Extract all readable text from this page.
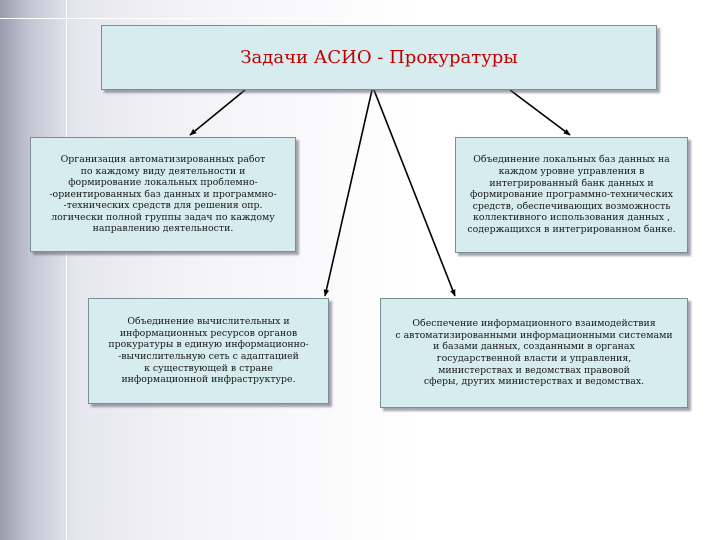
Задачи АСИО - Прокуратуры
Организация автоматизированных работ
по каждому виду деятельности и
формирование локальных проблемно-
-ориентированных баз данных и программно-
-технических средств для решения опр.
логически полной группы задач по каждому
направлению деятельности.
Объединение локальных баз данных на
каждом уровне управления в
интегрированный банк данных и
формирование программно-технических
средств, обеспечивающих возможность
коллективного использования данных ,
содержащихся в интегрированном банке.
Объединение вычислительных и
информационных ресурсов органов
прокуратуры в единую информационно-
-вычислительную сеть с адаптацией
к существующей в стране
информационной инфраструктуре.
Обеспечение информационного взаимодействия
с автоматизированными информационными системами
и базами данных, созданными в органах
государственной власти и управления,
министерствах и ведомствах правовой
сферы, других министерствах и ведомствах.
